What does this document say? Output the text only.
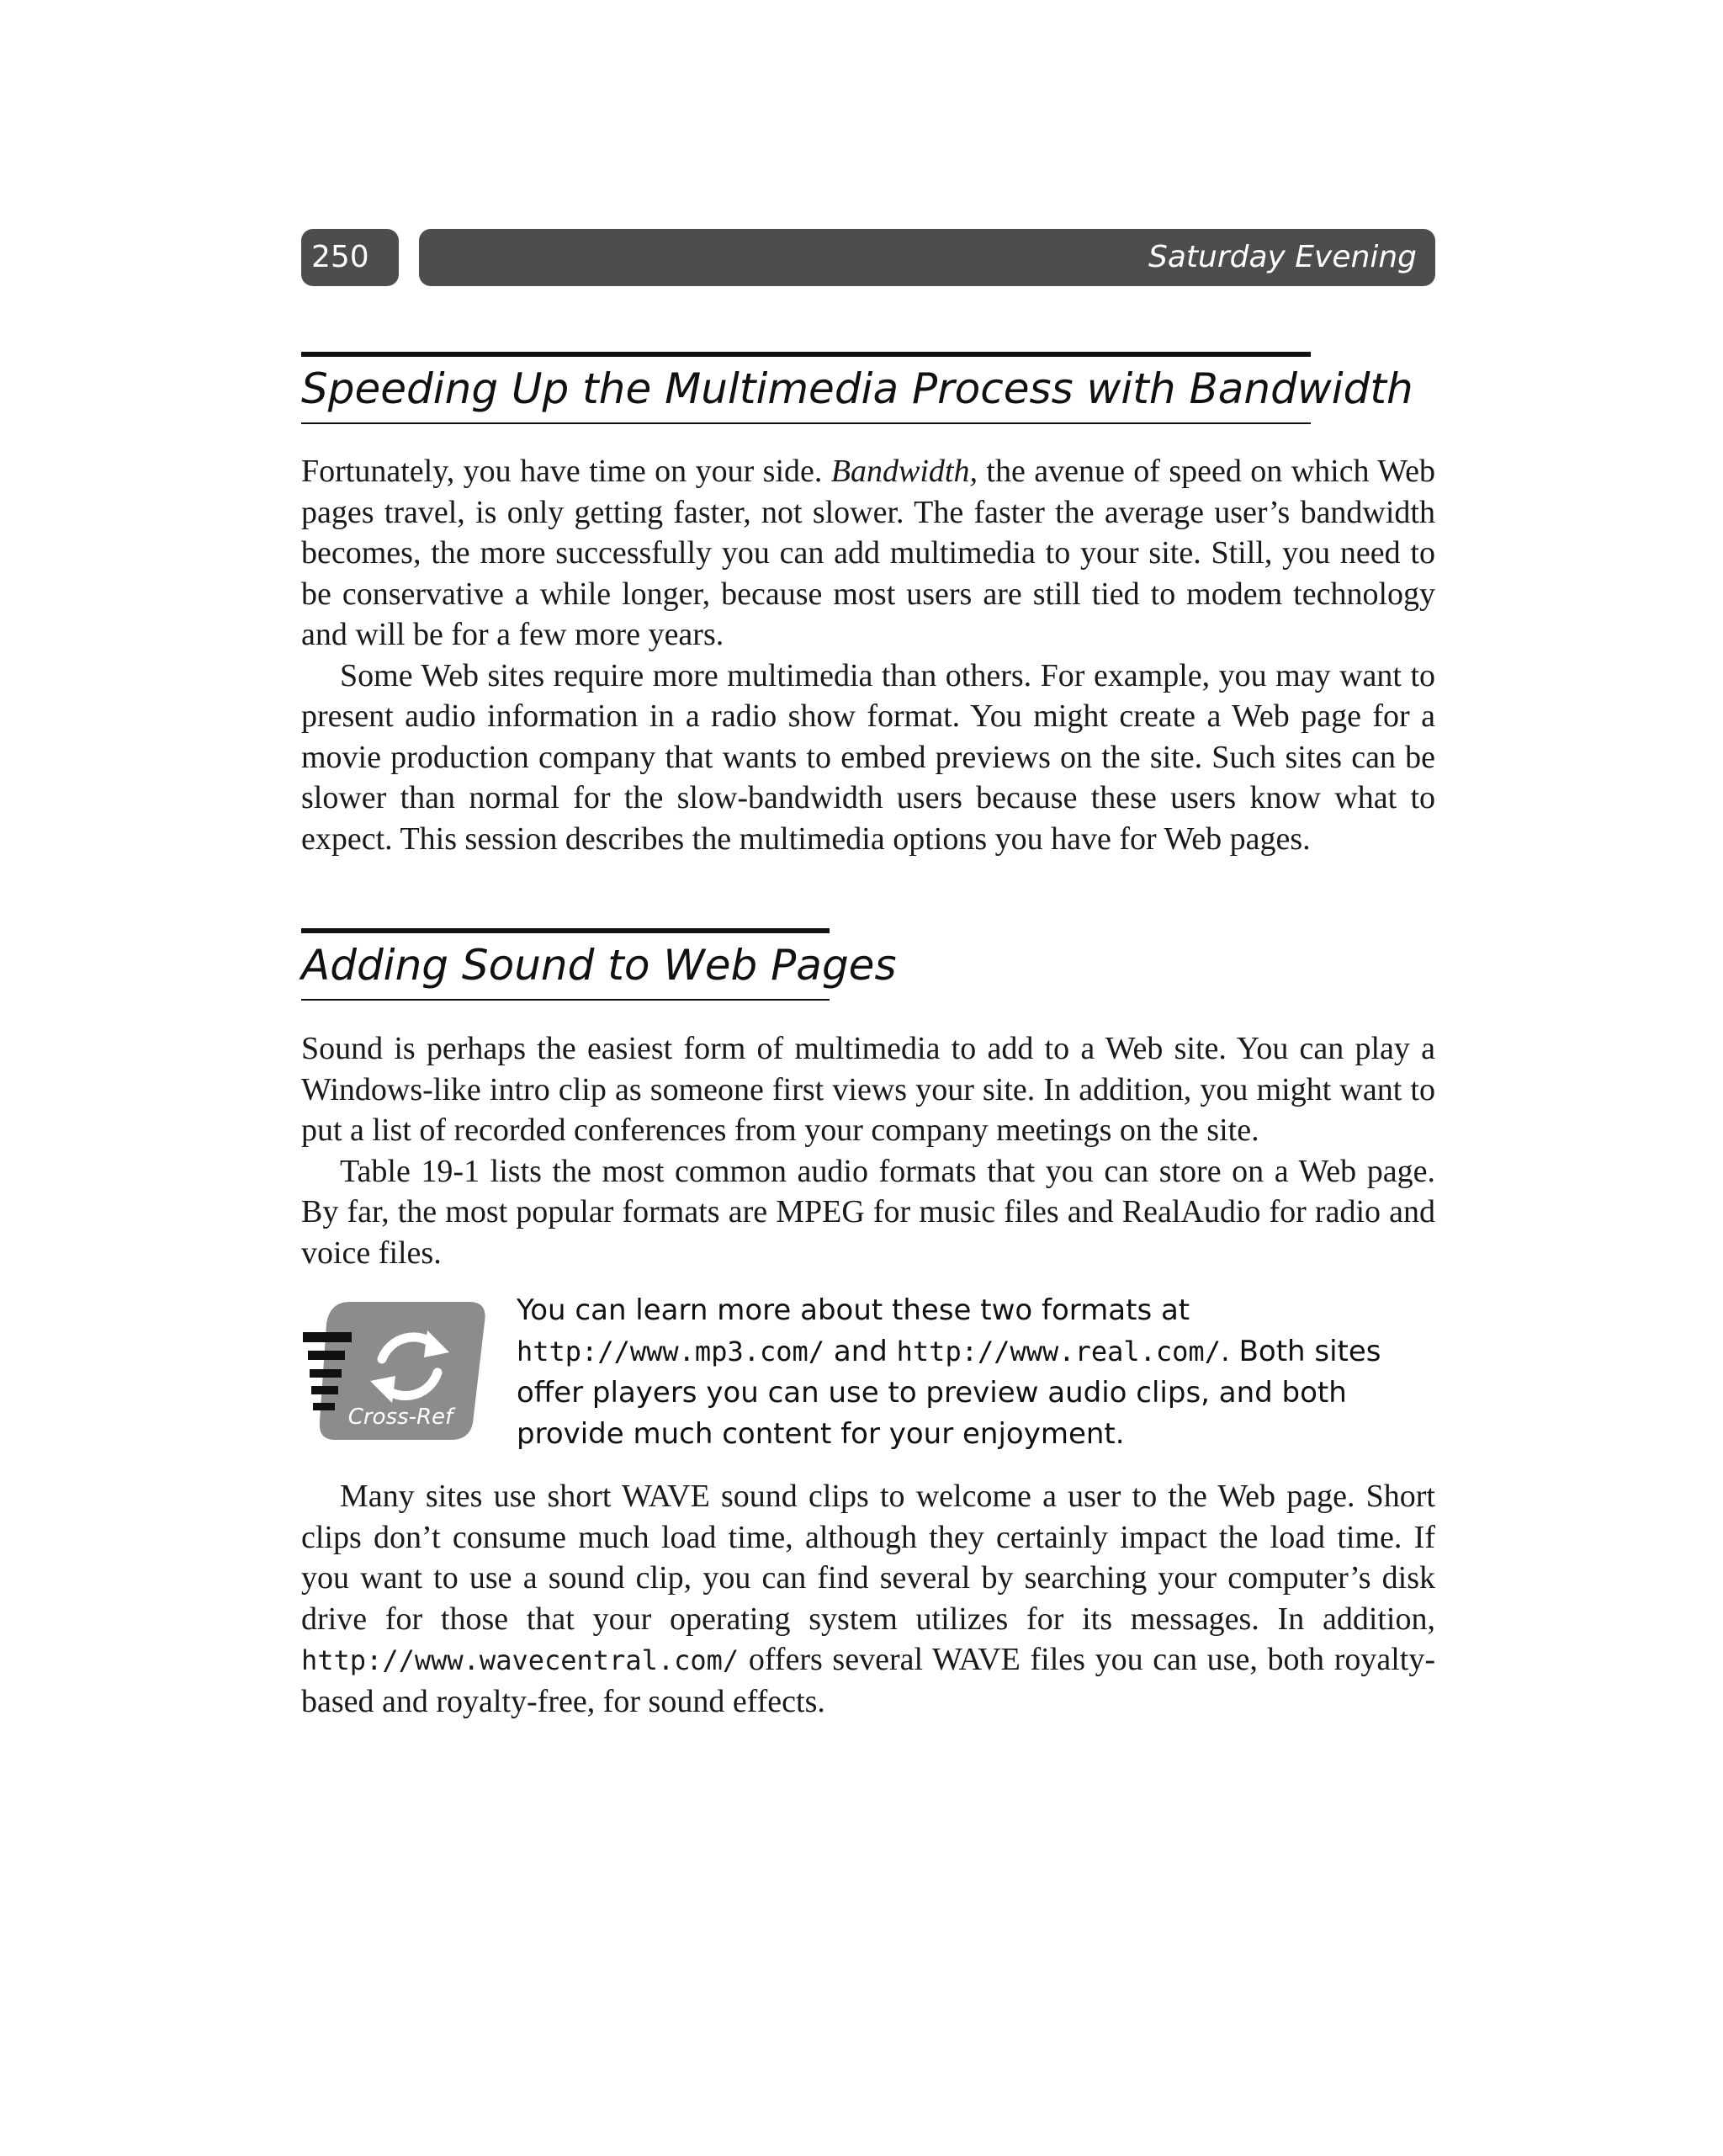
250	Saturday Evening
Speeding Up the Multimedia Process with Bandwidth

Fortunately, you have time on your side. Bandwidth, the avenue of speed on which Web pages travel, is only getting faster, not slower. The faster the average user’s bandwidth becomes, the more successfully you can add multimedia to your site. Still, you need to be conservative a while longer, because most users are still tied to modem technology and will be for a few more years.

Some Web sites require more multimedia than others. For example, you may want to present audio information in a radio show format. You might create a Web page for a movie production company that wants to embed previews on the site. Such sites can be slower than normal for the slow-bandwidth users because these users know what to expect. This session describes the multimedia options you have for Web pages.

Adding Sound to Web Pages

Sound is perhaps the easiest form of multimedia to add to a Web site. You can play a Windows-like intro clip as someone first views your site. In addition, you might want to put a list of recorded conferences from your company meetings on the site.

Table 19-1 lists the most common audio formats that you can store on a Web page. By far, the most popular formats are MPEG for music files and RealAudio for radio and voice files.

Cross-Ref
You can learn more about these two formats at http://www.mp3.com/ and http://www.real.com/. Both sites offer players you can use to preview audio clips, and both provide much content for your enjoyment.

Many sites use short WAVE sound clips to welcome a user to the Web page. Short clips don’t consume much load time, although they certainly impact the load time. If you want to use a sound clip, you can find several by searching your computer’s disk drive for those that your operating system utilizes for its messages. In addition, http://www.wavecentral.com/ offers several WAVE files you can use, both royalty-based and royalty-free, for sound effects.
